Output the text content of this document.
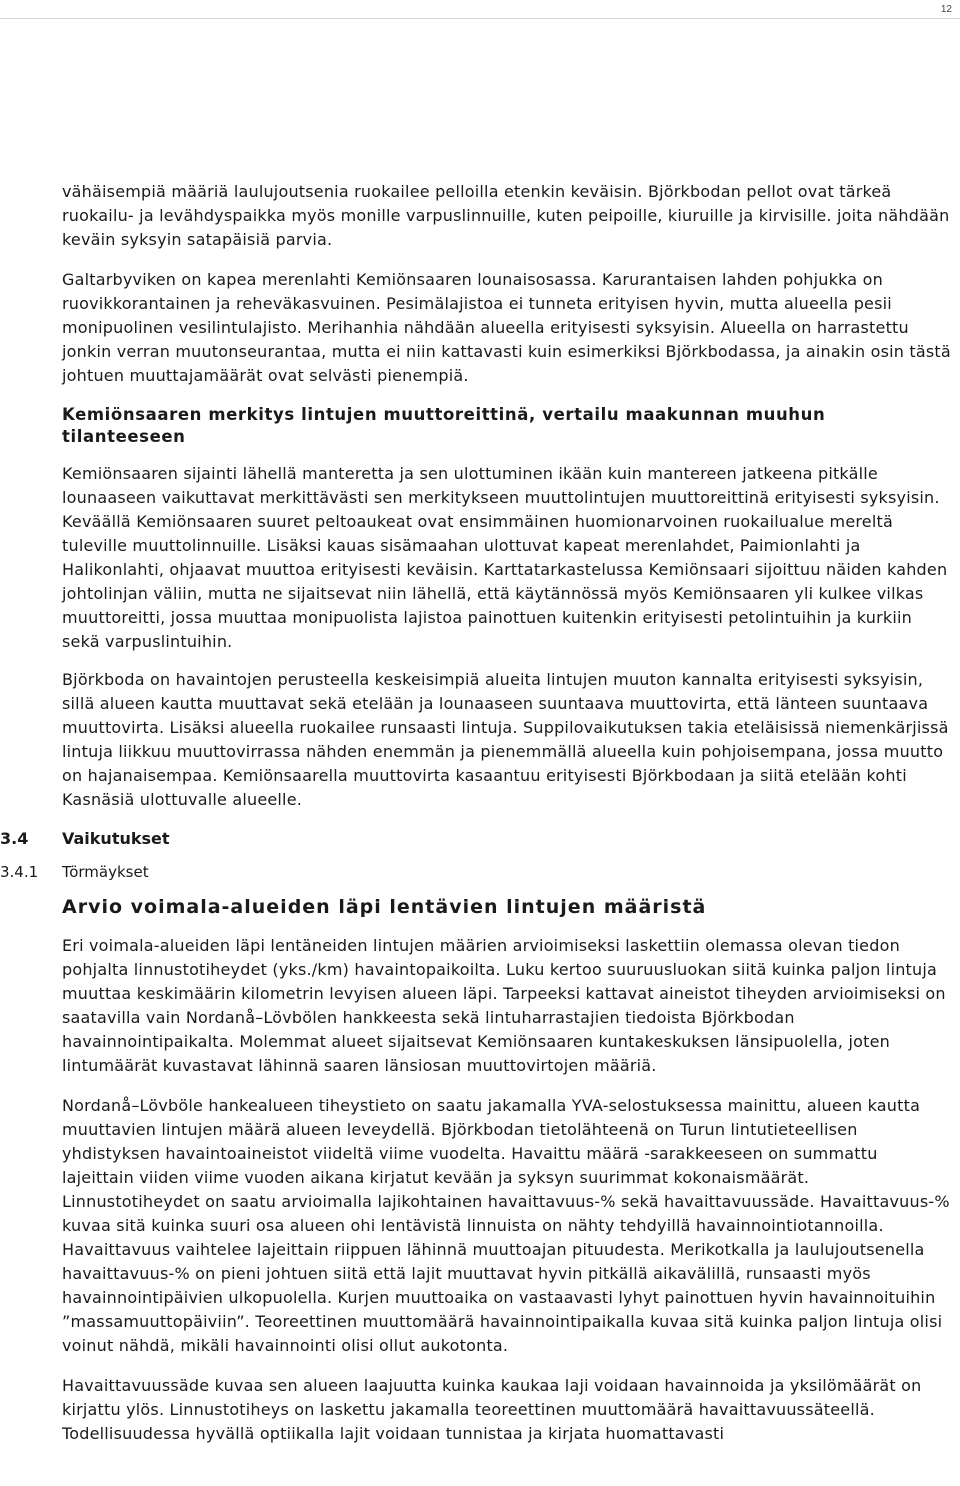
12

vähäisempiä määriä laulujoutsenia ruokailee pelloilla etenkin keväisin. Björkbodan pellot ovat tärkeä ruokailu- ja levähdyspaikka myös monille varpuslinnuille, kuten peipoille, kiuruille ja kirvisille. joita nähdään keväin syksyin satapäisiä parvia.

Galtarbyviken on kapea merenlahti Kemiönsaaren lounaisosassa. Karurantaisen lahden pohjukka on ruovikkorantainen ja reheväkasvuinen. Pesimälajistoa ei tunneta erityisen hyvin, mutta alueella pesii monipuolinen vesilintulajisto. Merihanhia nähdään alueella erityisesti syksyisin. Alueella on harrastettu jonkin verran muutonseurantaa, mutta ei niin kattavasti kuin esimerkiksi Björkbodassa, ja ainakin osin tästä johtuen muuttajamäärät ovat selvästi pienempiä.

Kemiönsaaren merkitys lintujen muuttoreittinä, vertailu maakunnan muuhun tilanteeseen

Kemiönsaaren sijainti lähellä manteretta ja sen ulottuminen ikään kuin mantereen jatkeena pitkälle lounaaseen vaikuttavat merkittävästi sen merkitykseen muuttolintujen muuttoreittinä erityisesti syksyisin. Keväällä Kemiönsaaren suuret peltoaukeat ovat ensimmäinen huomionarvoinen ruokailualue mereltä tuleville muuttolinnuille. Lisäksi kauas sisämaahan ulottuvat kapeat merenlahdet, Paimionlahti ja Halikonlahti, ohjaavat muuttoa erityisesti keväisin. Karttatarkastelussa Kemiönsaari sijoittuu näiden kahden johtolinjan väliin, mutta ne sijaitsevat niin lähellä, että käytännössä myös Kemiönsaaren yli kulkee vilkas muuttoreitti, jossa muuttaa monipuolista lajistoa painottuen kuitenkin erityisesti petolintuihin ja kurkiin sekä varpuslintuihin.

Björkboda on havaintojen perusteella keskeisimpiä alueita lintujen muuton kannalta erityisesti syksyisin, sillä alueen kautta muuttavat sekä etelään ja lounaaseen suuntaava muuttovirta, että länteen suuntaava muuttovirta. Lisäksi alueella ruokailee runsaasti lintuja. Suppilovaikutuksen takia eteläisissä niemenkärjissä lintuja liikkuu muuttovirrassa nähden enemmän ja pienemmällä alueella kuin pohjoisempana, jossa muutto on hajanaisempaa. Kemiönsaarella muuttovirta kasaantuu erityisesti Björkbodaan ja siitä etelään kohti Kasnäsiä ulottuvalle alueelle.

3.4 Vaikutukset
3.4.1 Törmäykset
Arvio voimala-alueiden läpi lentävien lintujen määristä

Eri voimala-alueiden läpi lentäneiden lintujen määrien arvioimiseksi laskettiin olemassa olevan tiedon pohjalta linnustotiheydet (yks./km) havaintopaikoilta. Luku kertoo suuruusluokan siitä kuinka paljon lintuja muuttaa keskimäärin kilometrin levyisen alueen läpi. Tarpeeksi kattavat aineistot tiheyden arvioimiseksi on saatavilla vain Nordanå–Lövbölen hankkeesta sekä lintuharrastajien tiedoista Björkbodan havainnointipaikalta. Molemmat alueet sijaitsevat Kemiönsaaren kuntakeskuksen länsipuolella, joten lintumäärät kuvastavat lähinnä saaren länsiosan muuttovirtojen määriä.

Nordanå–Lövböle hankealueen tiheystieto on saatu jakamalla YVA-selostuksessa mainittu, alueen kautta muuttavien lintujen määrä alueen leveydellä. Björkbodan tietolähteenä on Turun lintutieteellisen yhdistyksen havaintoaineistot viideltä viime vuodelta. Havaittu määrä -sarakkeeseen on summattu lajeittain viiden viime vuoden aikana kirjatut kevään ja syksyn suurimmat kokonaismäärät. Linnustotiheydet on saatu arvioimalla lajikohtainen havaittavuus-% sekä havaittavuussäde. Havaittavuus-% kuvaa sitä kuinka suuri osa alueen ohi lentävistä linnuista on nähty tehdyillä havainnointiotannoilla. Havaittavuus vaihtelee lajeittain riippuen lähinnä muuttoajan pituudesta. Merikotkalla ja laulujoutsenella havaittavuus-% on pieni johtuen siitä että lajit muuttavat hyvin pitkällä aikavälillä, runsaasti myös havainnointipäivien ulkopuolella. Kurjen muuttoaika on vastaavasti lyhyt painottuen hyvin havainnoituihin ”massamuuttopäiviin”. Teoreettinen muuttomäärä havainnointipaikalla kuvaa sitä kuinka paljon lintuja olisi voinut nähdä, mikäli havainnointi olisi ollut aukotonta.

Havaittavuussäde kuvaa sen alueen laajuutta kuinka kaukaa laji voidaan havainnoida ja yksilömäärät on kirjattu ylös. Linnustotiheys on laskettu jakamalla teoreettinen muuttomäärä havaittavuussäteellä. Todellisuudessa hyvällä optiikalla lajit voidaan tunnistaa ja kirjata huomattavasti
